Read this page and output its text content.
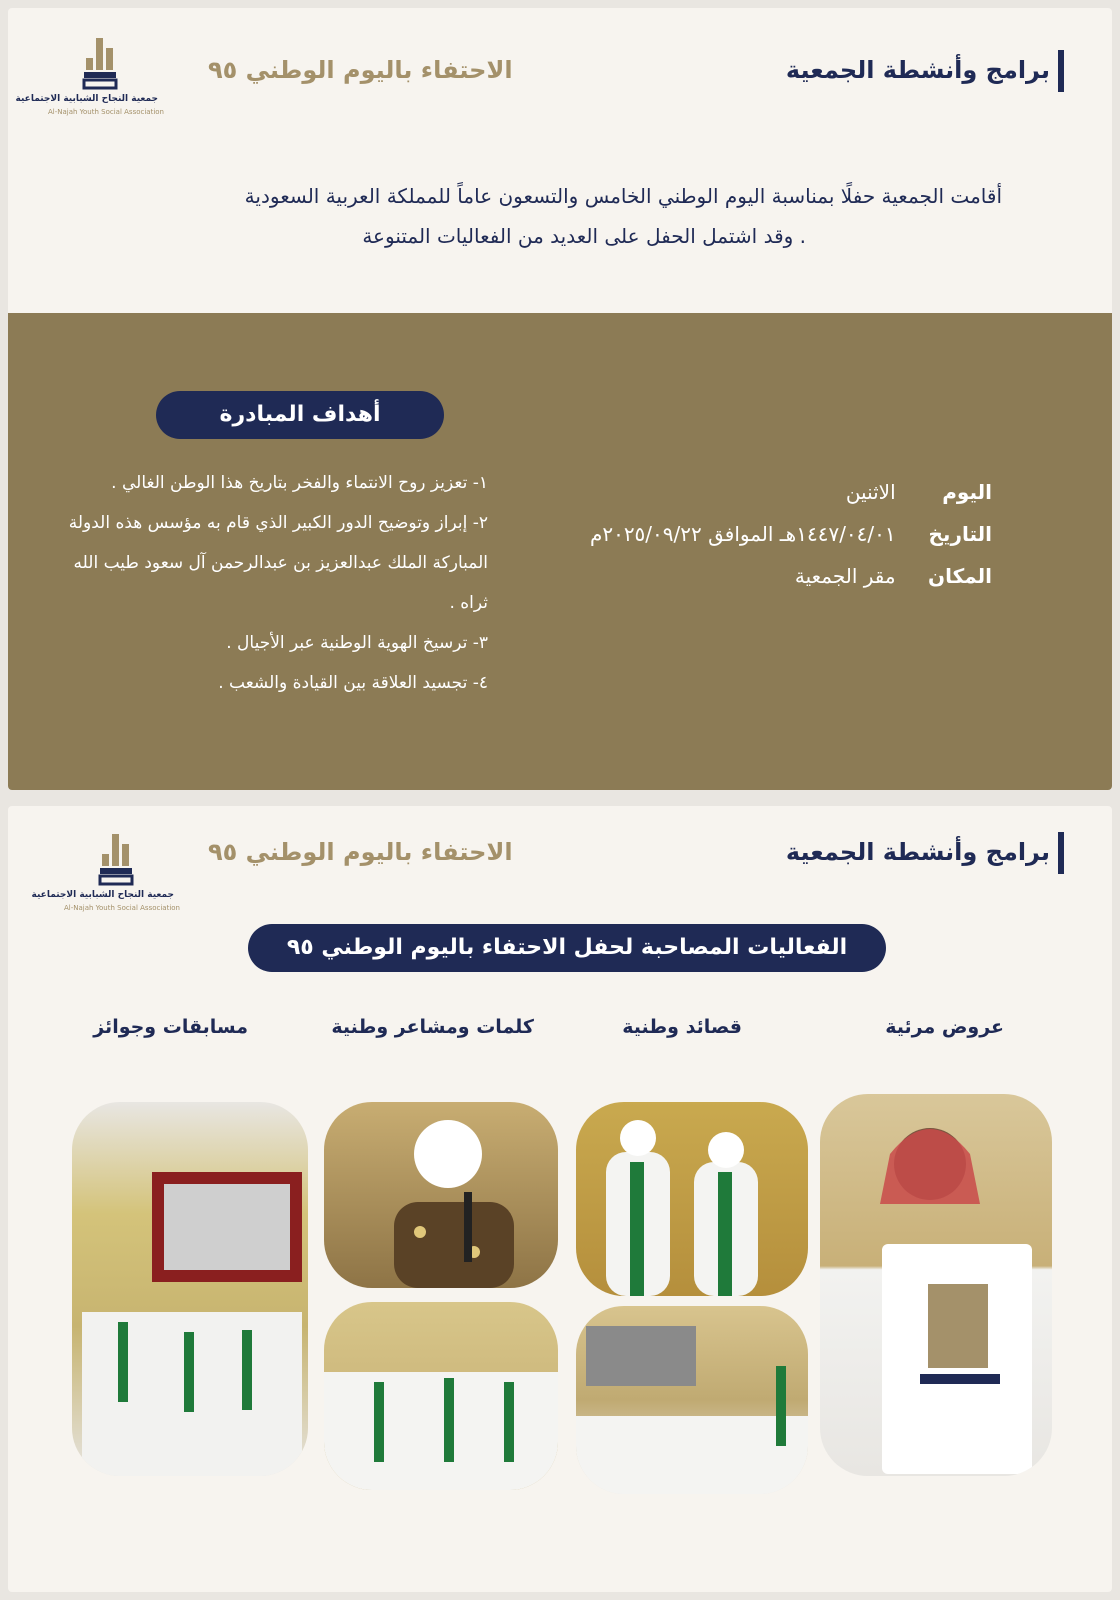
برامج وأنشطة الجمعية
الاحتفاء باليوم الوطني ٩٥
جمعية النجاح الشبابية الاجتماعية
Al-Najah Youth Social Association
أقامت الجمعية حفلًا بمناسبة اليوم الوطني الخامس والتسعون عاماً للمملكة العربية السعودية
. وقد اشتمل الحفل على العديد من الفعاليات المتنوعة
أهداف المبادرة
١- تعزيز روح الانتماء والفخر بتاريخ هذا الوطن الغالي .
٢- إبراز وتوضيح الدور الكبير الذي قام به مؤسس هذه الدولة المباركة الملك عبدالعزيز بن عبدالرحمن آل سعود طيب الله ثراه .
٣- ترسيخ الهوية الوطنية عبر الأجيال .
٤- تجسيد العلاقة بين القيادة والشعب .
اليوم الاثنين
التاريخ ١٤٤٧/٠٤/٠١هـ الموافق ٢٠٢٥/٠٩/٢٢م
المكان مقر الجمعية
برامج وأنشطة الجمعية
الاحتفاء باليوم الوطني ٩٥
جمعية النجاح الشبابية الاجتماعية
Al-Najah Youth Social Association
الفعاليات المصاحبة لحفل الاحتفاء باليوم الوطني ٩٥
عروض مرئية
قصائد وطنية
كلمات ومشاعر وطنية
مسابقات وجوائز
